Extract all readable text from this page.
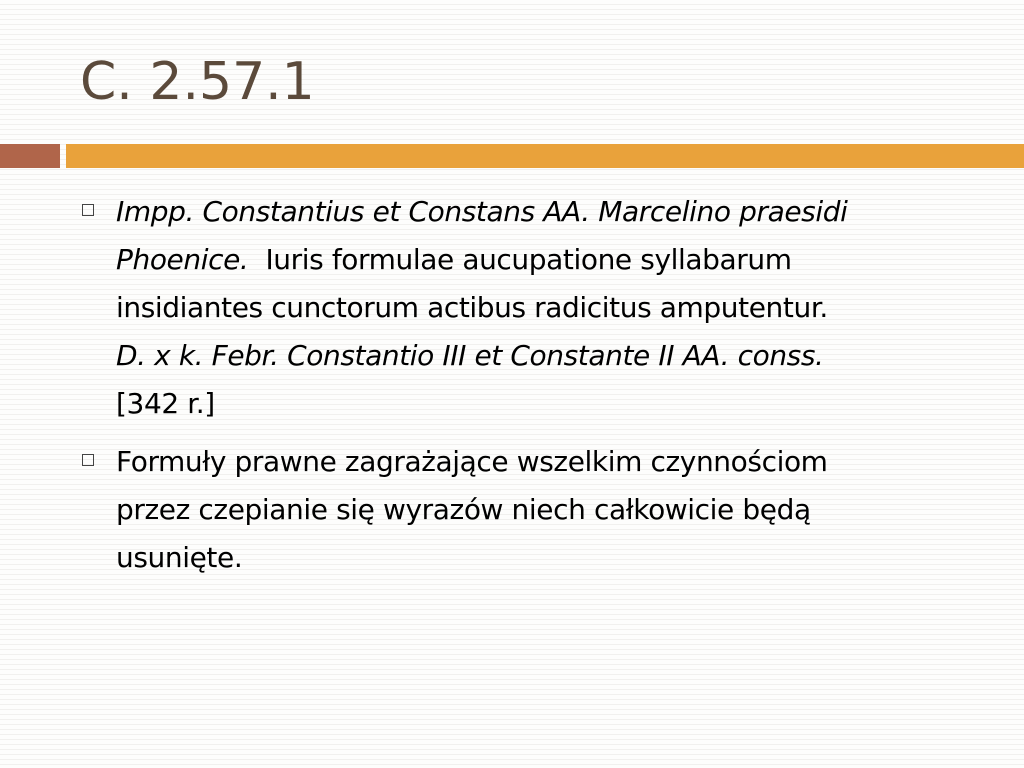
C. 2.57.1
Impp. Constantius et Constans AA. Marcelino praesidi
Phoenice.  Iuris formulae aucupatione syllabarum
insidiantes cunctorum actibus radicitus amputentur.
D. x k. Febr. Constantio III et Constante II AA. conss.
[342 r.]
Formuły prawne zagrażające wszelkim czynnościom
przez czepianie się wyrazów niech całkowicie będą
usunięte.
